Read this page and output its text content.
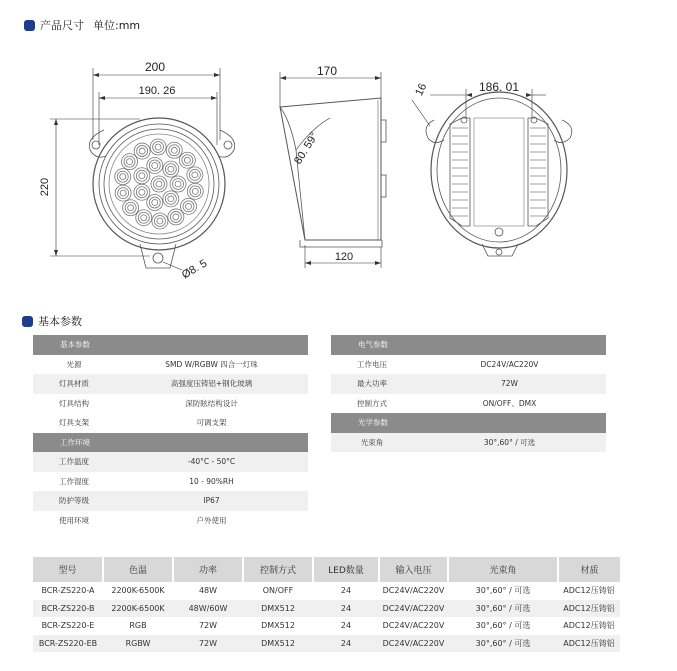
产品尺寸 单位:mm
200
190. 26
220
Ø8. 5
170
80. 59°
120
16	186. 01
基本参数
基本参数
光源	SMD W/RGBW 四合一灯珠
灯具材质	高强度压铸铝+钢化玻璃
灯具结构	深防眩结构设计
灯具支架	可调支架
工作环境
工作温度	-40°C - 50°C
工作湿度	10 - 90%RH
防护等级	IP67
使用环境	户外使用
电气参数
工作电压	DC24V/AC220V
最大功率	72W
控制方式	ON/OFF、DMX
光学参数
光束角	30°,60° / 可选
型号	色温	功率	控制方式	LED数量	输入电压	光束角	材质
BCR-ZS220-A	2200K-6500K	48W	ON/OFF	24	DC24V/AC220V	30°,60° / 可选	ADC12压铸铝
BCR-ZS220-B	2200K-6500K	48W/60W	DMX512	24	DC24V/AC220V	30°,60° / 可选	ADC12压铸铝
BCR-ZS220-E	RGB	72W	DMX512	24	DC24V/AC220V	30°,60° / 可选	ADC12压铸铝
BCR-ZS220-EB	RGBW	72W	DMX512	24	DC24V/AC220V	30°,60° / 可选	ADC12压铸铝
